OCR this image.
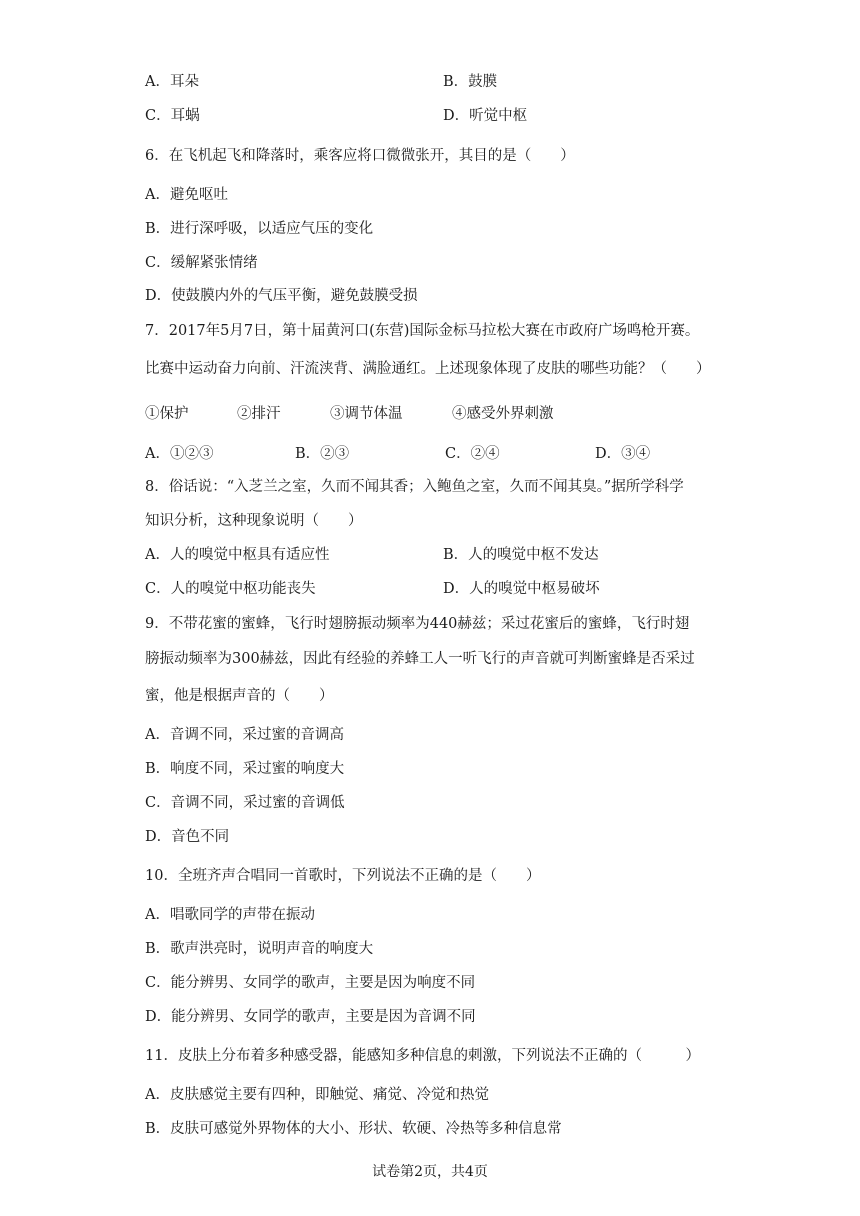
A．耳朵	B．鼓膜
C．耳蜗	D．听觉中枢
6．在飞机起飞和降落时，乘客应将口微微张开，其目的是（　　）
A．避免呕吐
B．进行深呼吸，以适应气压的变化
C．缓解紧张情绪
D．使鼓膜内外的气压平衡，避免鼓膜受损
7．2017年5月7日，第十届黄河口(东营)国际金标马拉松大赛在市政府广场鸣枪开赛。
比赛中运动奋力向前、汗流浃背、满脸通红。上述现象体现了皮肤的哪些功能？（　　）
①保护	②排汗	③调节体温	④感受外界刺激
A．①②③	B．②③	C．②④	D．③④
8．俗话说：“入芝兰之室，久而不闻其香；入鲍鱼之室，久而不闻其臭。”据所学科学
知识分析，这种现象说明（　　）
A．人的嗅觉中枢具有适应性	B．人的嗅觉中枢不发达
C．人的嗅觉中枢功能丧失	D．人的嗅觉中枢易破坏
9．不带花蜜的蜜蜂，飞行时翅膀振动频率为440赫兹；采过花蜜后的蜜蜂，飞行时翅
膀振动频率为300赫兹，因此有经验的养蜂工人一听飞行的声音就可判断蜜蜂是否采过
蜜，他是根据声音的（　　）
A．音调不同，采过蜜的音调高
B．响度不同，采过蜜的响度大
C．音调不同，采过蜜的音调低
D．音色不同
10．全班齐声合唱同一首歌时，下列说法不正确的是（　　）
A．唱歌同学的声带在振动
B．歌声洪亮时，说明声音的响度大
C．能分辨男、女同学的歌声，主要是因为响度不同
D．能分辨男、女同学的歌声，主要是因为音调不同
11．皮肤上分布着多种感受器，能感知多种信息的刺激，下列说法不正确的（　　　）
A．皮肤感觉主要有四种，即触觉、痛觉、冷觉和热觉
B．皮肤可感觉外界物体的大小、形状、软硬、冷热等多种信息常
试卷第2页，共4页
